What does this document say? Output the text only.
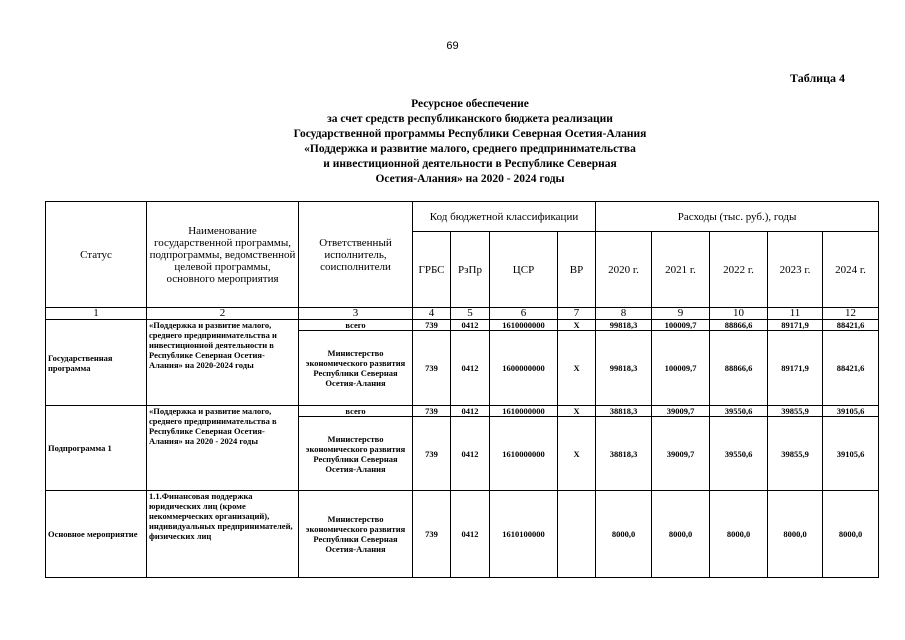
69
Таблица 4
Ресурсное обеспечение
за счет средств республиканского бюджета реализации
Государственной программы Республики Северная Осетия-Алания
«Поддержка и развитие малого, среднего предпринимательства
и инвестиционной деятельности в Республике Северная
Осетия-Алания» на 2020 - 2024 годы
Статус	Наименование государственной программы, подпрограммы, ведомственной целевой программы, основного мероприятия	Ответственный исполнитель, соисполнители	Код бюджетной классификации				Расходы (тыс. руб.), годы				
			ГРБС	РзПр	ЦСР	ВР	2020 г.	2021 г.	2022 г.	2023 г.	2024 г.
1	2	3	4	5	6	7	8	9	10	11	12
Государственная программа	«Поддержка и развитие малого, среднего предпринимательства и инвестиционной деятельности в Республике Северная Осетия-Алания» на 2020-2024 годы	всего	739	0412	1610000000	Х	99818,3	100009,7	88866,6	89171,9	88421,6
		Министерство экономического развития Республики Северная Осетия-Алания	739	0412	1600000000	Х	99818,3	100009,7	88866,6	89171,9	88421,6
Подпрограмма 1	«Поддержка и развитие малого, среднего предпринимательства в Республике Северная Осетия-Алания» на 2020 - 2024 годы	всего	739	0412	1610000000	Х	38818,3	39009,7	39550,6	39855,9	39105,6
		Министерство экономического развития Республики Северная Осетия-Алания	739	0412	1610000000	Х	38818,3	39009,7	39550,6	39855,9	39105,6
Основное мероприятие	1.1.Финансовая поддержка юридических лиц (кроме некоммерческих организаций), индивидуальных предпринимателей, физических лиц	Министерство экономического развития Республики Северная Осетия-Алания	739	0412	1610100000		8000,0	8000,0	8000,0	8000,0	8000,0
